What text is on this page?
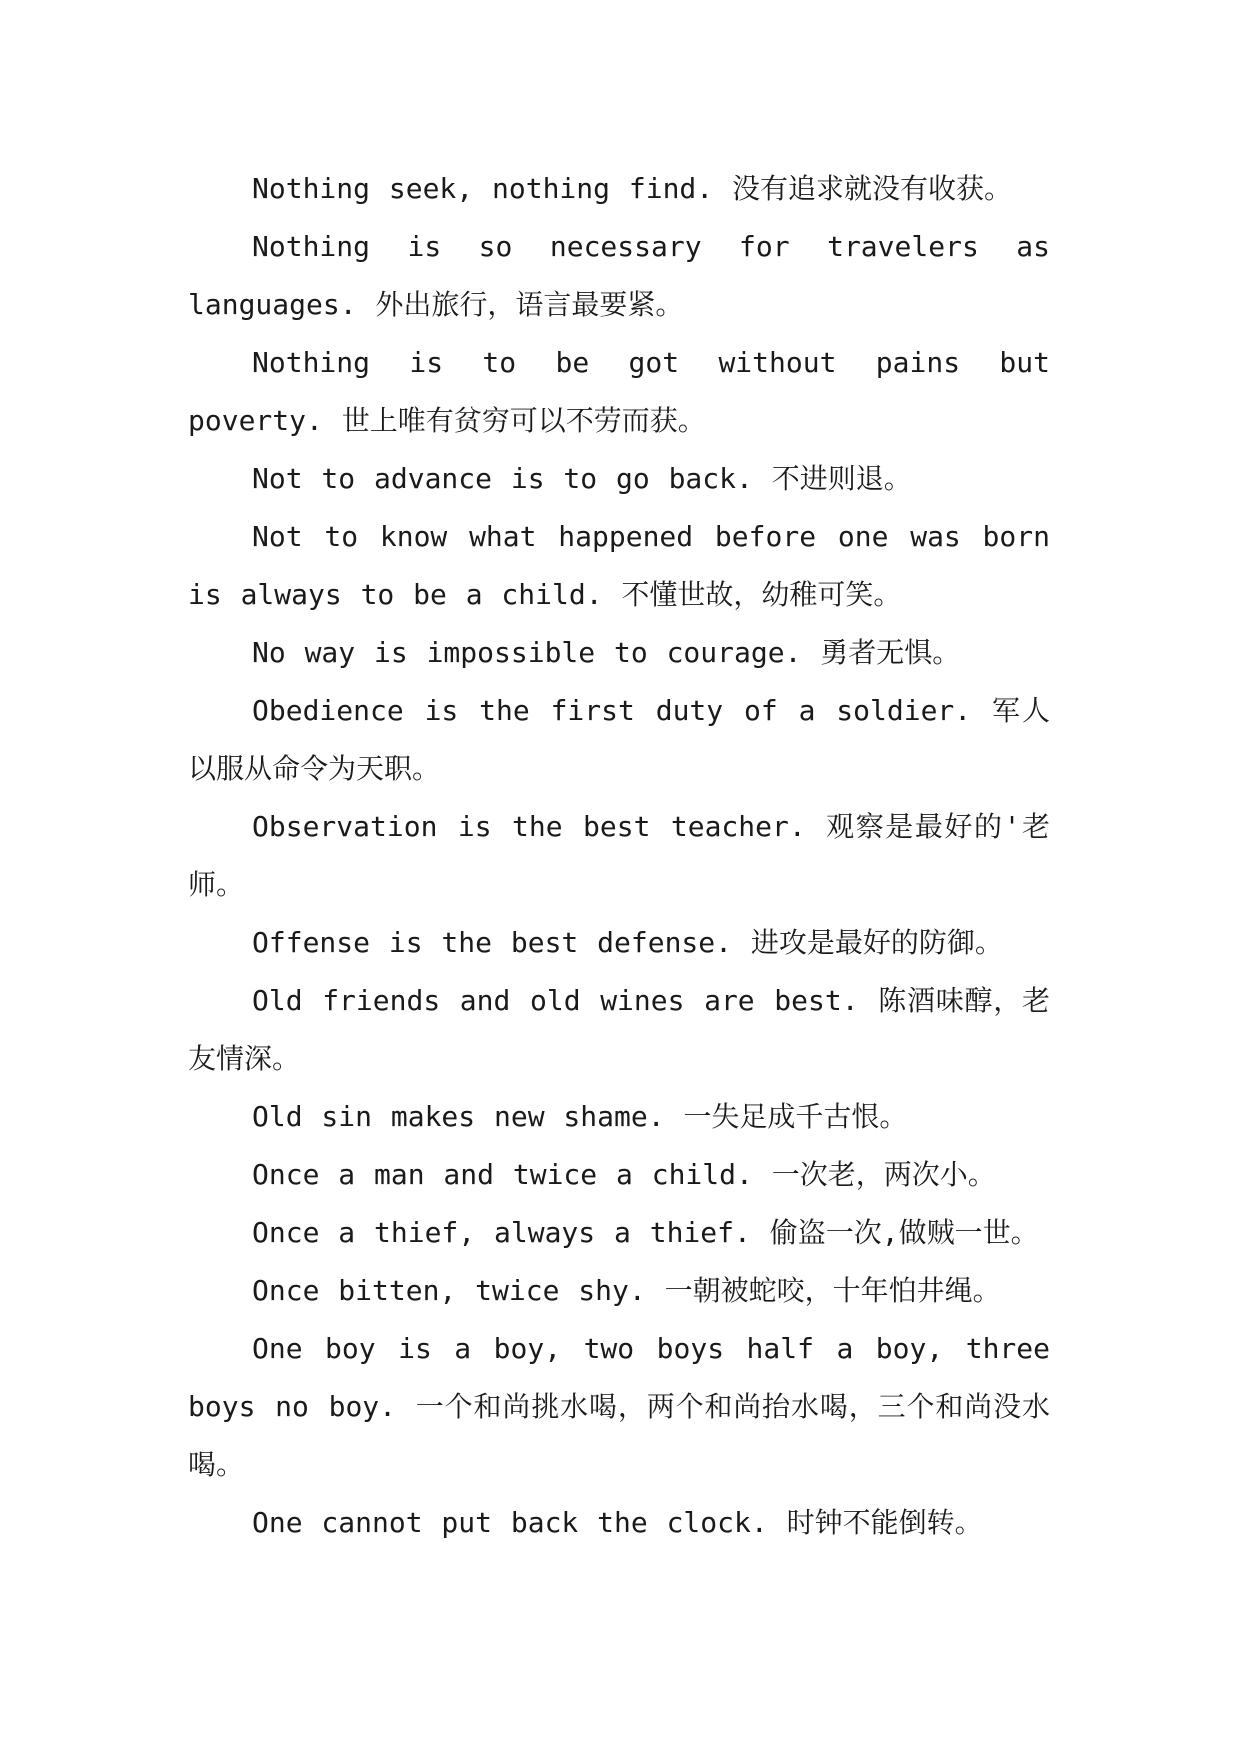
Nothing seek, nothing find. 没有追求就没有收获。

Nothing is so necessary for travelers as languages. 外出旅行，语言最要紧。

Nothing is to be got without pains but poverty. 世上唯有贫穷可以不劳而获。

Not to advance is to go back. 不进则退。

Not to know what happened before one was born is always to be a child. 不懂世故，幼稚可笑。

No way is impossible to courage. 勇者无惧。

Obedience is the first duty of a soldier. 军人以服从命令为天职。

Observation is the best teacher. 观察是最好的'老师。

Offense is the best defense. 进攻是最好的防御。

Old friends and old wines are best. 陈酒味醇，老友情深。

Old sin makes new shame. 一失足成千古恨。

Once a man and twice a child. 一次老，两次小。

Once a thief, always a thief. 偷盗一次,做贼一世。

Once bitten, twice shy. 一朝被蛇咬，十年怕井绳。

One boy is a boy, two boys half a boy, three boys no boy. 一个和尚挑水喝，两个和尚抬水喝，三个和尚没水喝。

One cannot put back the clock. 时钟不能倒转。
